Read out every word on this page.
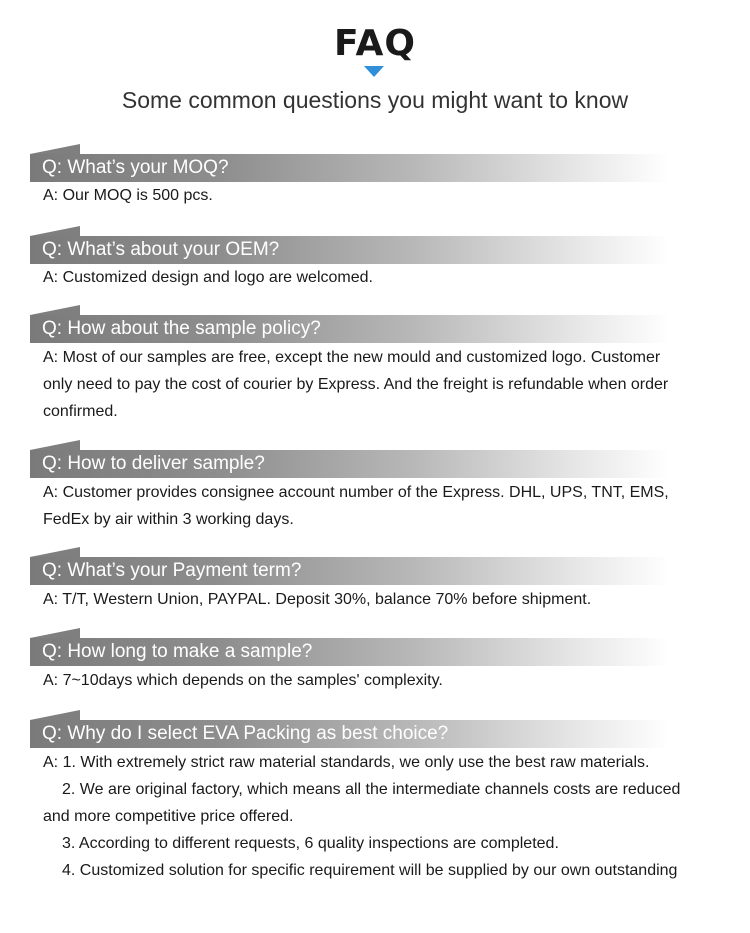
FAQ
Some common questions you might want to know
Q: What’s your MOQ?
A: Our MOQ is 500 pcs.
Q: What’s about your OEM?
A: Customized design and logo are welcomed.
Q: How about the sample policy?
A: Most of our samples are free, except the new mould and customized logo. Customer
only need to pay the cost of courier by Express. And the freight is refundable when order
confirmed.
Q: How to deliver sample?
A: Customer provides consignee account number of the Express. DHL, UPS, TNT, EMS,
FedEx by air within 3 working days.
Q: What’s your Payment term?
A: T/T, Western Union, PAYPAL. Deposit 30%, balance 70% before shipment.
Q: How long to make a sample?
A: 7~10days which depends on the samples' complexity.
Q: Why do I select EVA Packing as best choice?
A: 1. With extremely strict raw material standards, we only use the best raw materials.
2. We are original factory, which means all the intermediate channels costs are reduced
and more competitive price offered.
3. According to different requests, 6 quality inspections are completed.
4. Customized solution for specific requirement will be supplied by our own outstanding
